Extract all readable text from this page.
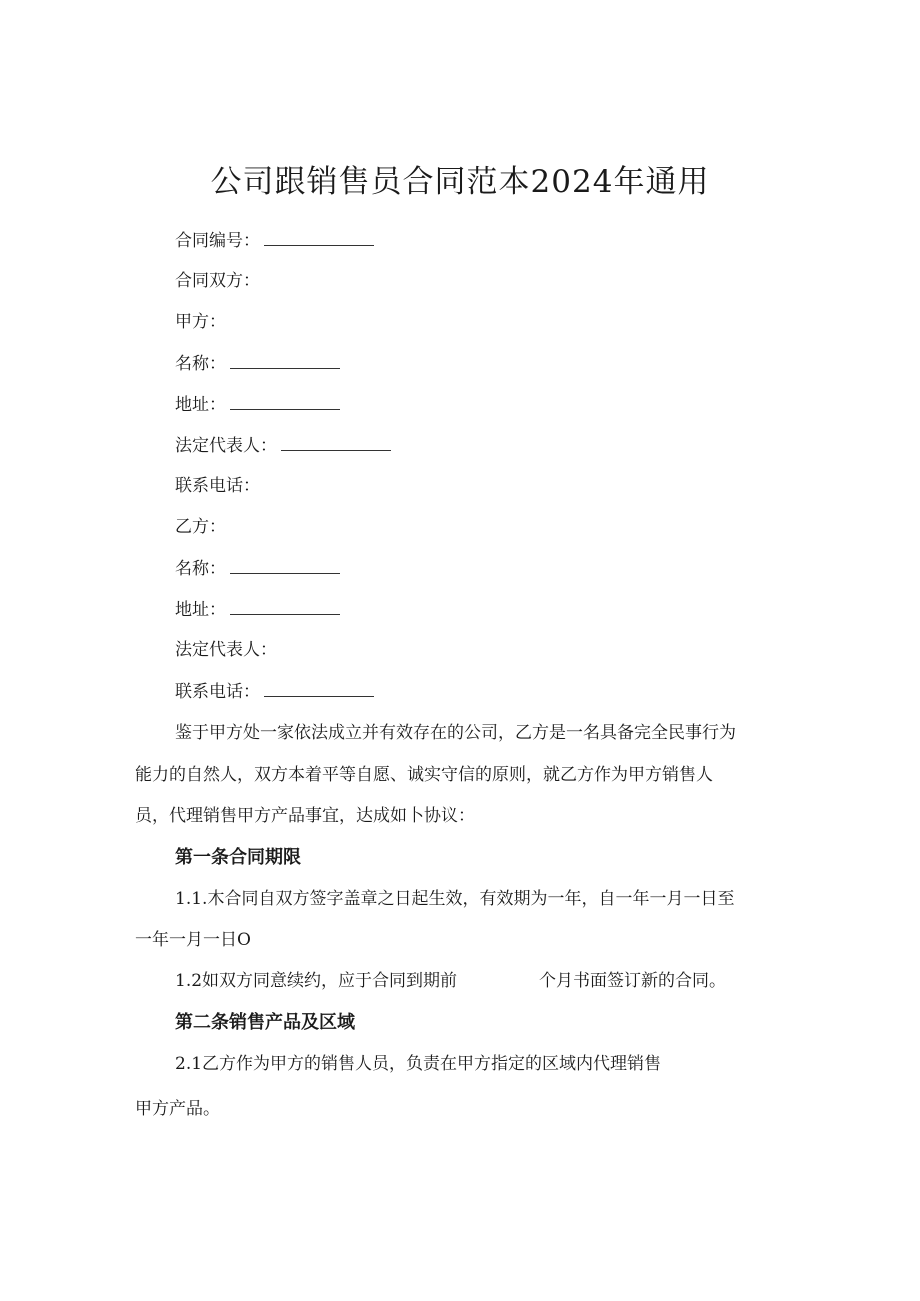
公司跟销售员合同范本2024年通用
合同编号：
合同双方：
甲方：
名称：
地址：
法定代表人：
联系电话：
乙方：
名称：
地址：
法定代表人：
联系电话：
鉴于甲方处一家依法成立并有效存在的公司，乙方是一名具备完全民事行为
能力的自然人，双方本着平等自愿、诚实守信的原则，就乙方作为甲方销售人
员，代理销售甲方产品事宜，达成如卜协议：
第一条合同期限
1.1.木合同自双方签字盖章之日起生效，有效期为一年，自一年一月一日至
一年一月一日O
1.2如双方同意续约，应于合同到期前	个月书面签订新的合同。
第二条销售产品及区域
2.1乙方作为甲方的销售人员，负责在甲方指定的区域内代理销售
甲方产品。
